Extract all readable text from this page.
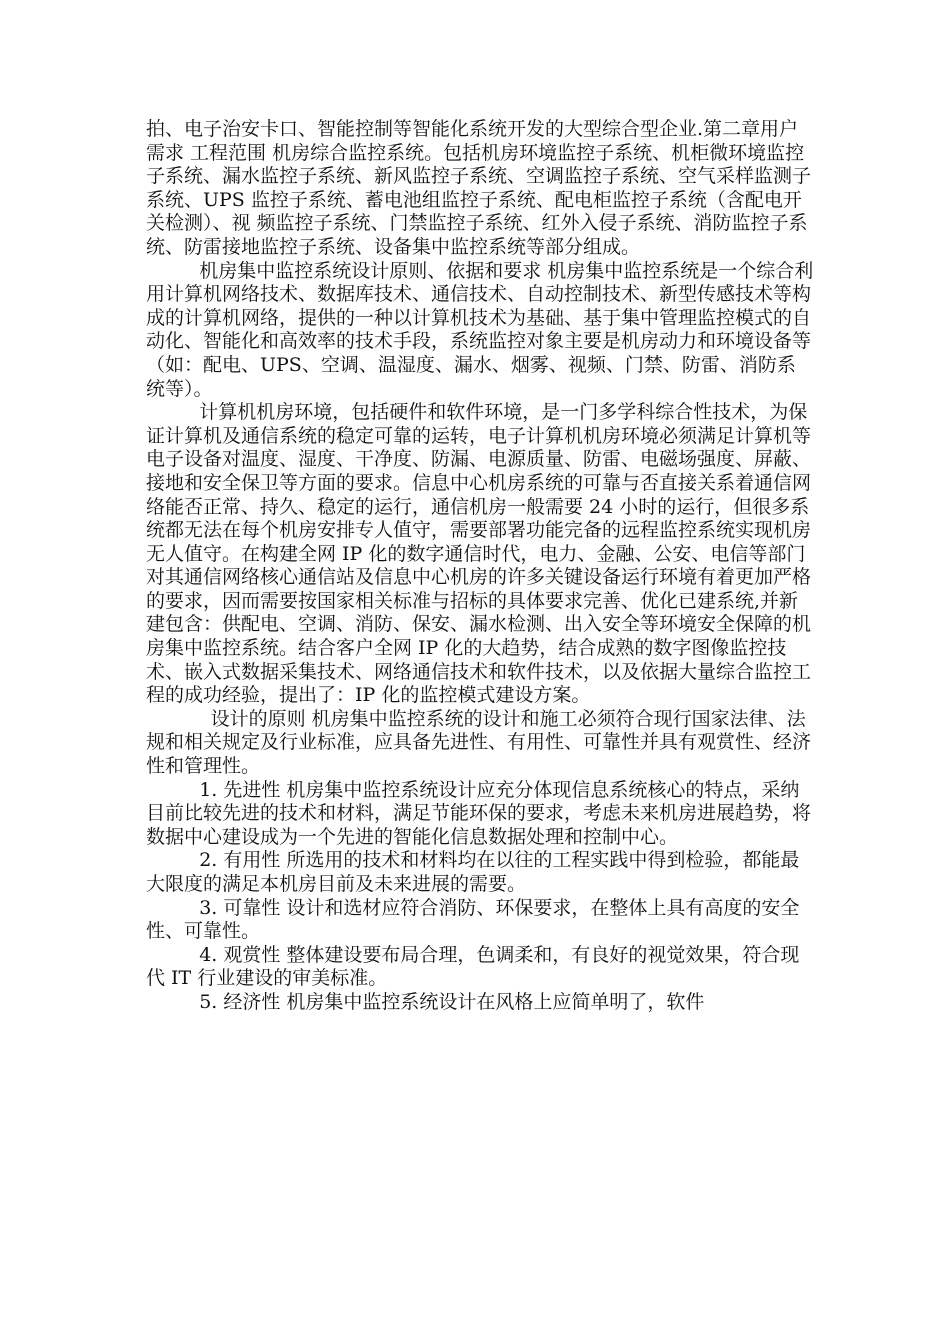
拍、电子治安卡口、智能控制等智能化系统开发的大型综合型企业.第二章用户需求 工程范围 机房综合监控系统。包括机房环境监控子系统、机柜微环境监控子系统、漏水监控子系统、新风监控子系统、空调监控子系统、空气采样监测子系统、UPS 监控子系统、蓄电池组监控子系统、配电柜监控子系统（含配电开关检测）、视 频监控子系统、门禁监控子系统、红外入侵子系统、消防监控子系统、防雷接地监控子系统、设备集中监控系统等部分组成。

机房集中监控系统设计原则、依据和要求 机房集中监控系统是一个综合利用计算机网络技术、数据库技术、通信技术、自动控制技术、新型传感技术等构成的计算机网络，提供的一种以计算机技术为基础、基于集中管理监控模式的自动化、智能化和高效率的技术手段，系统监控对象主要是机房动力和环境设备等（如：配电、UPS、空调、温湿度、漏水、烟雾、视频、门禁、防雷、消防系统等）。

计算机机房环境，包括硬件和软件环境，是一门多学科综合性技术，为保证计算机及通信系统的稳定可靠的运转，电子计算机机房环境必须满足计算机等电子设备对温度、湿度、干净度、防漏、电源质量、防雷、电磁场强度、屏蔽、接地和安全保卫等方面的要求。信息中心机房系统的可靠与否直接关系着通信网络能否正常、持久、稳定的运行，通信机房一般需要 24 小时的运行，但很多系统都无法在每个机房安排专人值守，需要部署功能完备的远程监控系统实现机房无人值守。在构建全网 IP 化的数字通信时代，电力、金融、公安、电信等部门对其通信网络核心通信站及信息中心机房的许多关键设备运行环境有着更加严格的要求，因而需要按国家相关标准与招标的具体要求完善、优化已建系统,并新建包含：供配电、空调、消防、保安、漏水检测、出入安全等环境安全保障的机房集中监控系统。结合客户全网 IP 化的大趋势，结合成熟的数字图像监控技术、嵌入式数据采集技术、网络通信技术和软件技术，以及依据大量综合监控工程的成功经验，提出了：IP 化的监控模式建设方案。

设计的原则 机房集中监控系统的设计和施工必须符合现行国家法律、法规和相关规定及行业标准，应具备先进性、有用性、可靠性并具有观赏性、经济性和管理性。

1. 先进性 机房集中监控系统设计应充分体现信息系统核心的特点，采纳目前比较先进的技术和材料，满足节能环保的要求，考虑未来机房进展趋势，将数据中心建设成为一个先进的智能化信息数据处理和控制中心。

2. 有用性 所选用的技术和材料均在以往的工程实践中得到检验，都能最大限度的满足本机房目前及未来进展的需要。

3. 可靠性 设计和选材应符合消防、环保要求，在整体上具有高度的安全性、可靠性。

4. 观赏性 整体建设要布局合理，色调柔和，有良好的视觉效果，符合现代 IT 行业建设的审美标准。

5. 经济性 机房集中监控系统设计在风格上应简单明了，软件
